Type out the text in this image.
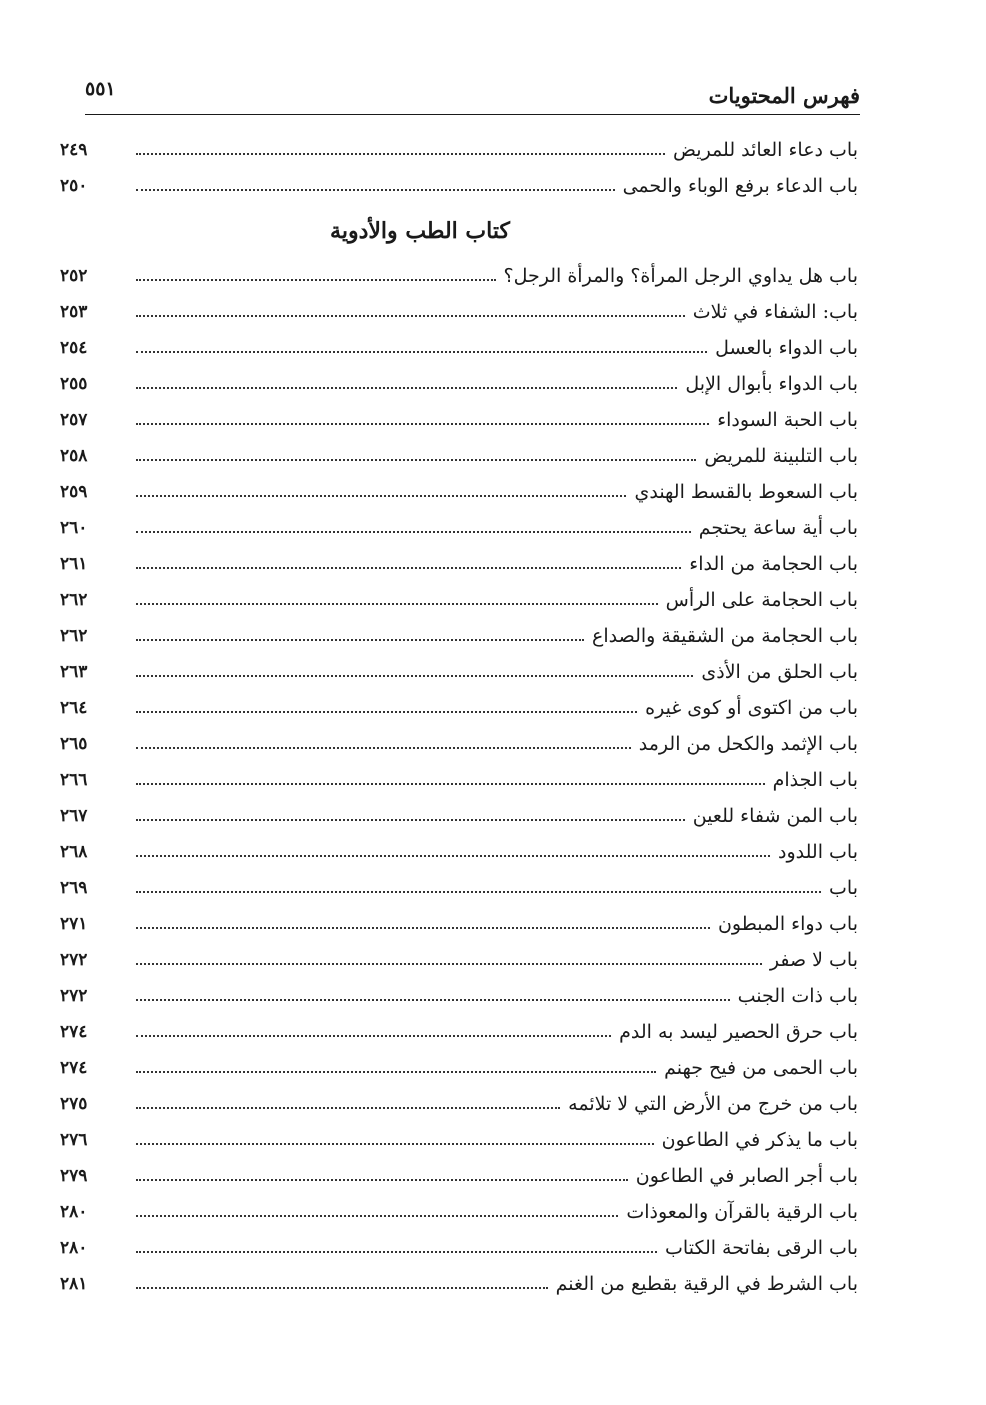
فهرس المحتويات
٥٥١
باب دعاء العائد للمريض
٢٤٩
باب الدعاء برفع الوباء والحمى
٢٥٠
كتاب الطب والأدوية
باب هل يداوي الرجل المرأة؟ والمرأة الرجل؟
٢٥٢
باب: الشفاء في ثلاث
٢٥٣
باب الدواء بالعسل
٢٥٤
باب الدواء بأبوال الإبل
٢٥٥
باب الحبة السوداء
٢٥٧
باب التلبينة للمريض
٢٥٨
باب السعوط بالقسط الهندي
٢٥٩
باب أية ساعة يحتجم
٢٦٠
باب الحجامة من الداء
٢٦١
باب الحجامة على الرأس
٢٦٢
باب الحجامة من الشقيقة والصداع
٢٦٢
باب الحلق من الأذى
٢٦٣
باب من اكتوى أو كوى غيره
٢٦٤
باب الإثمد والكحل من الرمد
٢٦٥
باب الجذام
٢٦٦
باب المن شفاء للعين
٢٦٧
باب اللدود
٢٦٨
باب
٢٦٩
باب دواء المبطون
٢٧١
باب لا صفر
٢٧٢
باب ذات الجنب
٢٧٢
باب حرق الحصير ليسد به الدم
٢٧٤
باب الحمى من فيح جهنم
٢٧٤
باب من خرج من الأرض التي لا تلائمه
٢٧٥
باب ما يذكر في الطاعون
٢٧٦
باب أجر الصابر في الطاعون
٢٧٩
باب الرقية بالقرآن والمعوذات
٢٨٠
باب الرقى بفاتحة الكتاب
٢٨٠
باب الشرط في الرقية بقطيع من الغنم
٢٨١
